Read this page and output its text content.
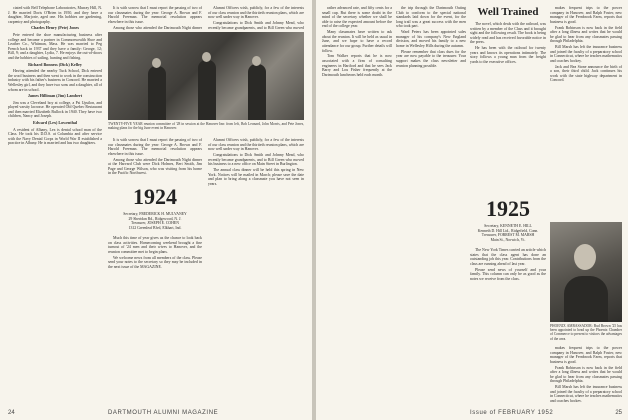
ciated with Bell Telephone Laboratories, Murray Hill, N. J. He married Doris O'Brien in 1950, and they have a daughter, Marjorie, aged one. His hobbies are gardening, carpentry and photography.

Charles Henry (Pete) Jones

Pete entered the shoe manufacturing business after college and became a partner in Commonwealth Shoe and Leather Co., Whitman, Mass. He was married to Peg French back in 1937 and they have a family: George, 12; Bill, 9; and a daughter, Lydia, 7. He enjoys the out-of-doors and the hobbies of sailing, hunting and fishing.

Richard Bonness (Dick) Kelley

Having attended the nearby Tuck School, Dick entered the wool business and then went to work in the construction industry with his father's business in Concord. He married a Wellesley girl, and they have two sons and a daughter, all of whom are in school.

James Hilliman (Jim) Lambert

Jim was a Cleveland boy at college, a Psi Upsilon, and played varsity lacrosse. He operated Old Quebec Restaurant and then married Elizabeth Bullock in 1940. They have two children, Nancy and Joseph.

Edward (Lex) Lowenthal

A resident of Albany, Lex is dental school man of the Class. He took his D.D.S. at Columbia and after service with the Navy Dental Corps in World War II established a practice in Albany. He is married and has two daughters.

It is with sorrow that I must report the passing of two of our classmates during the year: George A. Brown and F. Harold Freeman. The memorial resolution appears elsewhere in this issue.

Among those who attended the Dartmouth Night dinner

Alumni Officers wish, publicly, for a few of the interests of our class reunion and the thirtieth reunion plans, which are now well under way in Hanover.

Congratulations to Dick Smith and Johnny Mead, who recently became grandparents, and to Bill Green who moved

TWENTY-FIVE YEAR reunion committee of '28 in session at the Hanover Inn: from left, Bob Leonard, John Morris, and Pete Jones, making plans for the big June event in Hanover.

It is with sorrow that I must report the passing of two of our classmates during the year: George A. Brown and F. Harold Freeman. The memorial resolution appears elsewhere in this issue.

Among those who attended the Dartmouth Night dinner at the Harvard Club were Dick Holmes, Bert Smith, Jim Page and George Wilson, who was visiting from his home in the Pacific Northwest.

1924

Secretary, FREDERICK H. MULVANEY

29 Sheridan Rd., Ridgewood, N. J.

Treasurer, JOSEPH E. COHEN

1312 Greenleaf Blvd, Elkhart, Ind.

Much this time of year gives us the chance to look back on class activities. Homecoming weekend brought a fine turnout of '24 men and their wives to Hanover, and the reunion committee met to begin plans.

We welcome news from all members of the class. Please send your notes to the secretary so they may be included in the next issue of the MAGAZINE.

Alumni Officers wish, publicly, for a few of the interests of our class reunion and the thirtieth reunion plans, which are now well under way in Hanover.

Congratulations to Dick Smith and Johnny Mead, who recently became grandparents, and to Bill Green who moved his business to a new office on Main Street in Burlington.

The annual class dinner will be held this spring in New York. Notices will be mailed in March; please save the date and plan to bring along a classmate you have not seen in years.

DARTMOUTH ALUMNI MAGAZINE
24

rather advanced rate, and fifty cents for a small cup. But there is some doubt in the mind of the secretary whether we shall be able to raise the expected amount before the end of the college year.

Many classmates have written to ask about the reunion. It will be held as usual in June, and we hope to have a record attendance for our group. Further details will follow.

Tom Walker reports that he is now associated with a firm of consulting engineers in Hartford and that he sees Jack Barry and Lou Fisher frequently at the Dartmouth luncheons held each month.

the trip through the Dartmouth Outing Club to conform to the special national standards laid down for the event, for the long trail was a great success with the men who took part.

Ward Peters has been appointed sales manager of his company's New England division, and moved his family to a new home in Wellesley Hills during the autumn.

Please remember that class dues for the year are now payable to the treasurer. Your support makes the class newsletter and reunion planning possible.

Well Trained

The novel, which deals with the railroad, was written by a member of the Class and it brought sight and the following result. The book is being widely read and has received favorable notice in the press.

He has been with the railroad for twenty years and knows its operations intimately. The story follows a young man from the freight yards to the executive offices.

1925

Secretary, KENNETH E. HILL

Kenneth D. Hill Ltd., Ridgefield, Conn.

Treasurer, FORREST M. MARSH

Main St., Norwich, Vt.

The New York Times carried an article which states that the class agent has done an outstanding job this year. Contributions from the class are running ahead of last year.

Please send news of yourself and your family. This column can only be as good as the notes we receive from the class.

makes frequent trips to the power company in Hanover, and Ralph Foster, new manager of the Fernbrook Farm, reports that business is good.

Frank Robinson is now back in the field after a long illness and writes that he would be glad to hear from any classmates passing through Philadelphia.

Bill Marsh has left the insurance business and joined the faculty of a preparatory school in Connecticut, where he teaches mathematics and coaches hockey.

Jack and Bea Stone announce the birth of a son, their third child. Jack continues his work with the state highway department in Concord.

PHOENIX AMBASSADOR: Bud Brown '25 has been appointed to head up the Phoenix Chamber of Commerce to present to visitors the advantages of the area.

makes frequent trips to the power company in Hanover, and Ralph Foster, new manager of the Fernbrook Farm, reports that business is good.

Frank Robinson is now back in the field after a long illness and writes that he would be glad to hear from any classmates passing through Philadelphia.

Bill Marsh has left the insurance business and joined the faculty of a preparatory school in Connecticut, where he teaches mathematics and coaches hockey.

Issue of FEBRUARY 1952	25
